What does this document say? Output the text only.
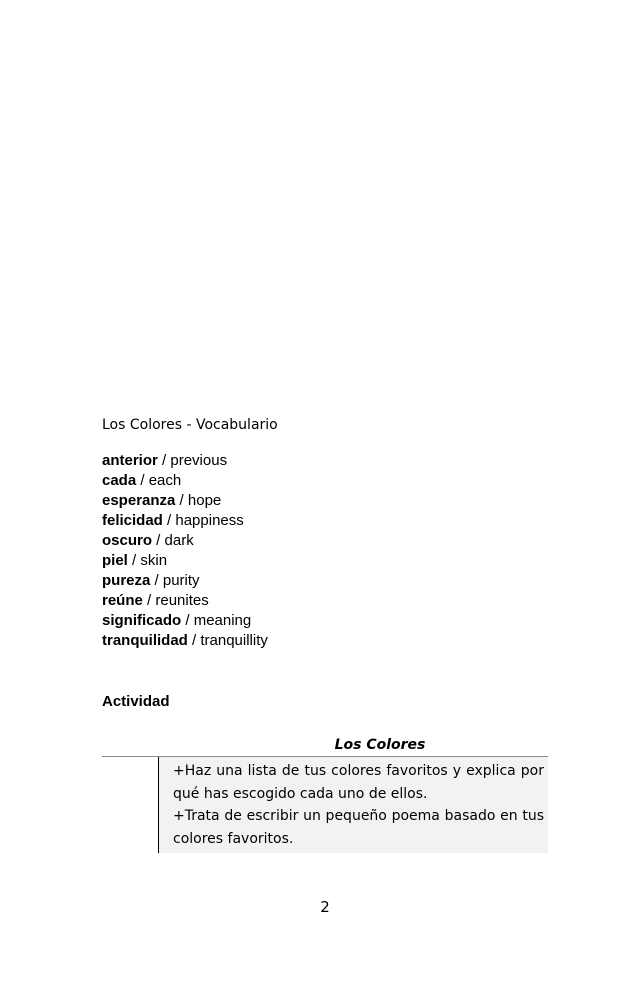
Los Colores - Vocabulario
anterior / previous
cada / each
esperanza / hope
felicidad / happiness
oscuro / dark
piel / skin
pureza / purity
reúne / reunites
significado / meaning
tranquilidad / tranquillity
Actividad
Los Colores

+Haz una lista de tus colores favoritos y explica por qué has escogido cada uno de ellos.

+Trata de escribir un pequeño poema basado en tus colores favoritos.

2
